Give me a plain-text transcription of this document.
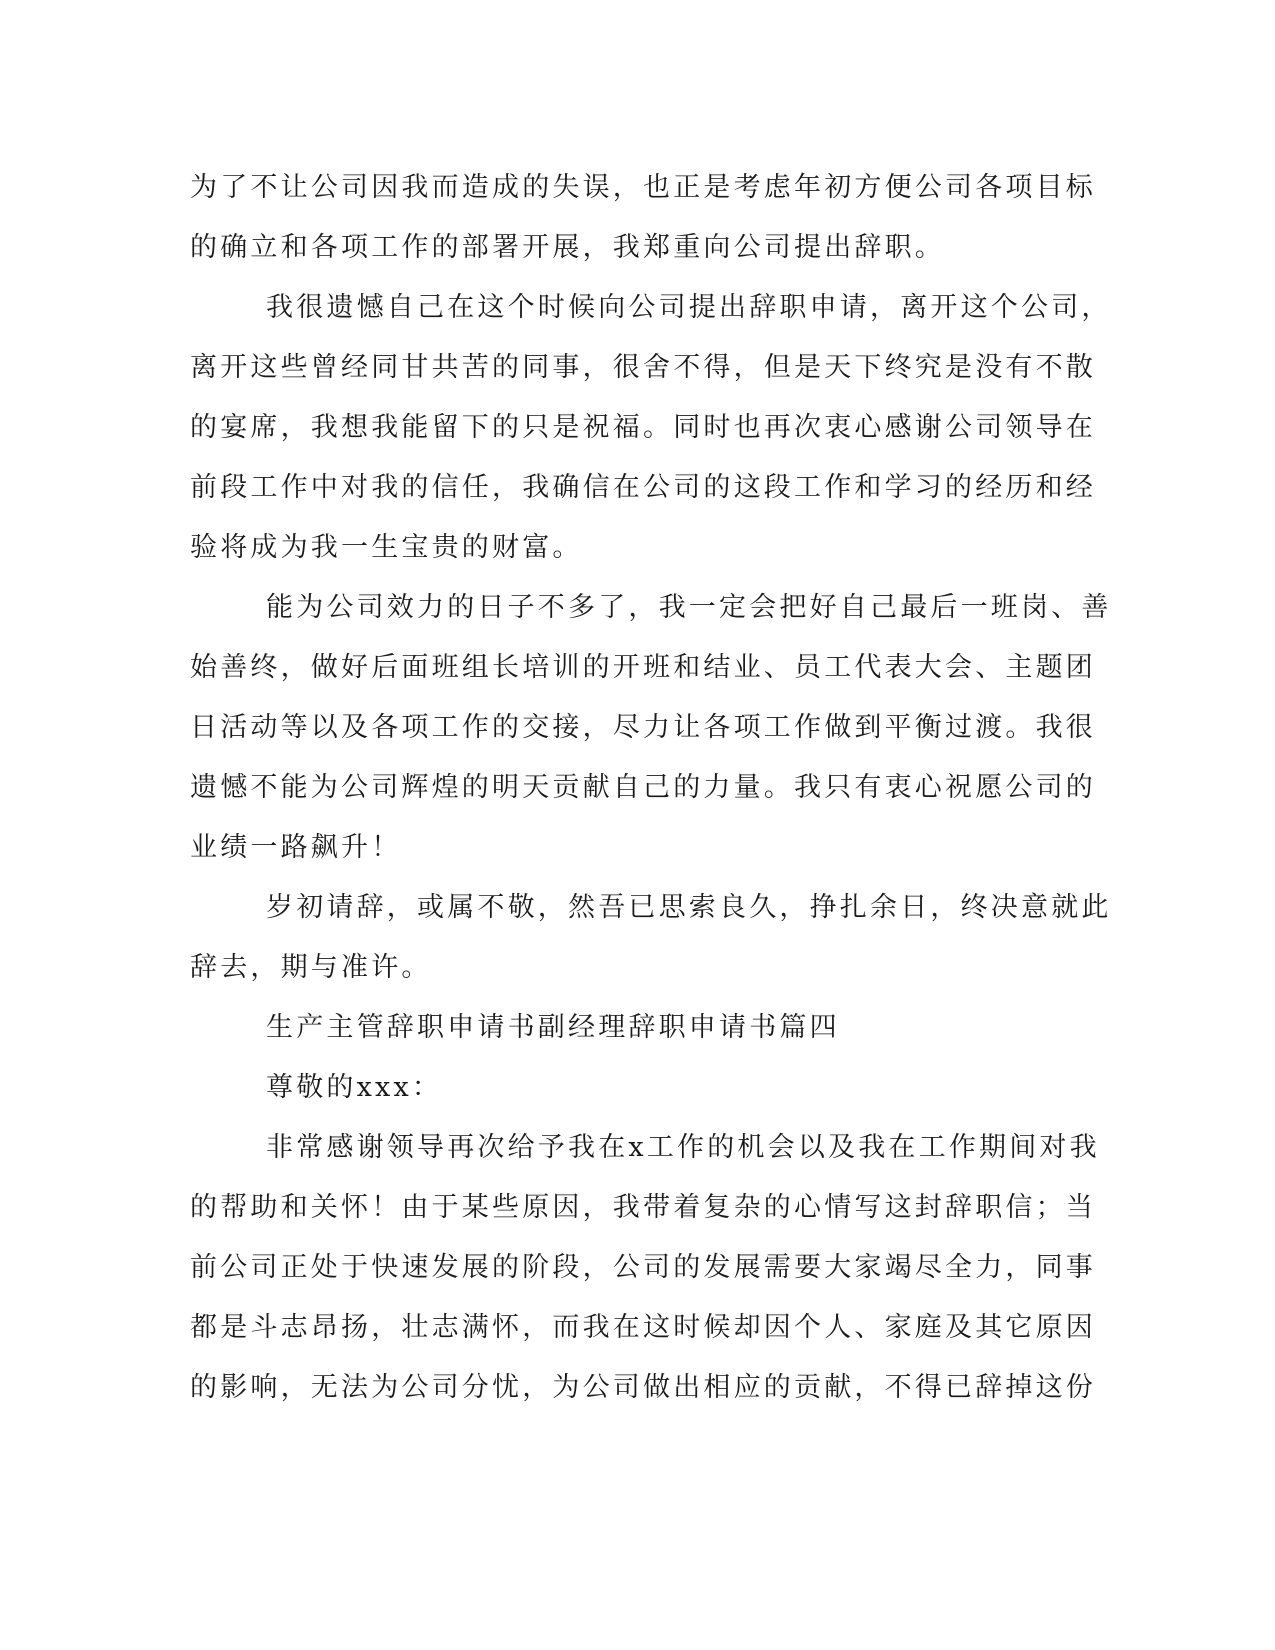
为了不让公司因我而造成的失误，也正是考虑年初方便公司各项目标
的确立和各项工作的部署开展，我郑重向公司提出辞职。

我很遗憾自己在这个时候向公司提出辞职申请，离开这个公司，
离开这些曾经同甘共苦的同事，很舍不得，但是天下终究是没有不散
的宴席，我想我能留下的只是祝福。同时也再次衷心感谢公司领导在
前段工作中对我的信任，我确信在公司的这段工作和学习的经历和经
验将成为我一生宝贵的财富。

能为公司效力的日子不多了，我一定会把好自己最后一班岗、善
始善终，做好后面班组长培训的开班和结业、员工代表大会、主题团
日活动等以及各项工作的交接，尽力让各项工作做到平衡过渡。我很
遗憾不能为公司辉煌的明天贡献自己的力量。我只有衷心祝愿公司的
业绩一路飙升！

岁初请辞，或属不敬，然吾已思索良久，挣扎余日，终决意就此
辞去，期与准许。

生产主管辞职申请书副经理辞职申请书篇四

尊敬的xxx：

非常感谢领导再次给予我在x工作的机会以及我在工作期间对我
的帮助和关怀！由于某些原因，我带着复杂的心情写这封辞职信；当
前公司正处于快速发展的阶段，公司的发展需要大家竭尽全力，同事
都是斗志昂扬，壮志满怀，而我在这时候却因个人、家庭及其它原因
的影响，无法为公司分忧，为公司做出相应的贡献，不得已辞掉这份
